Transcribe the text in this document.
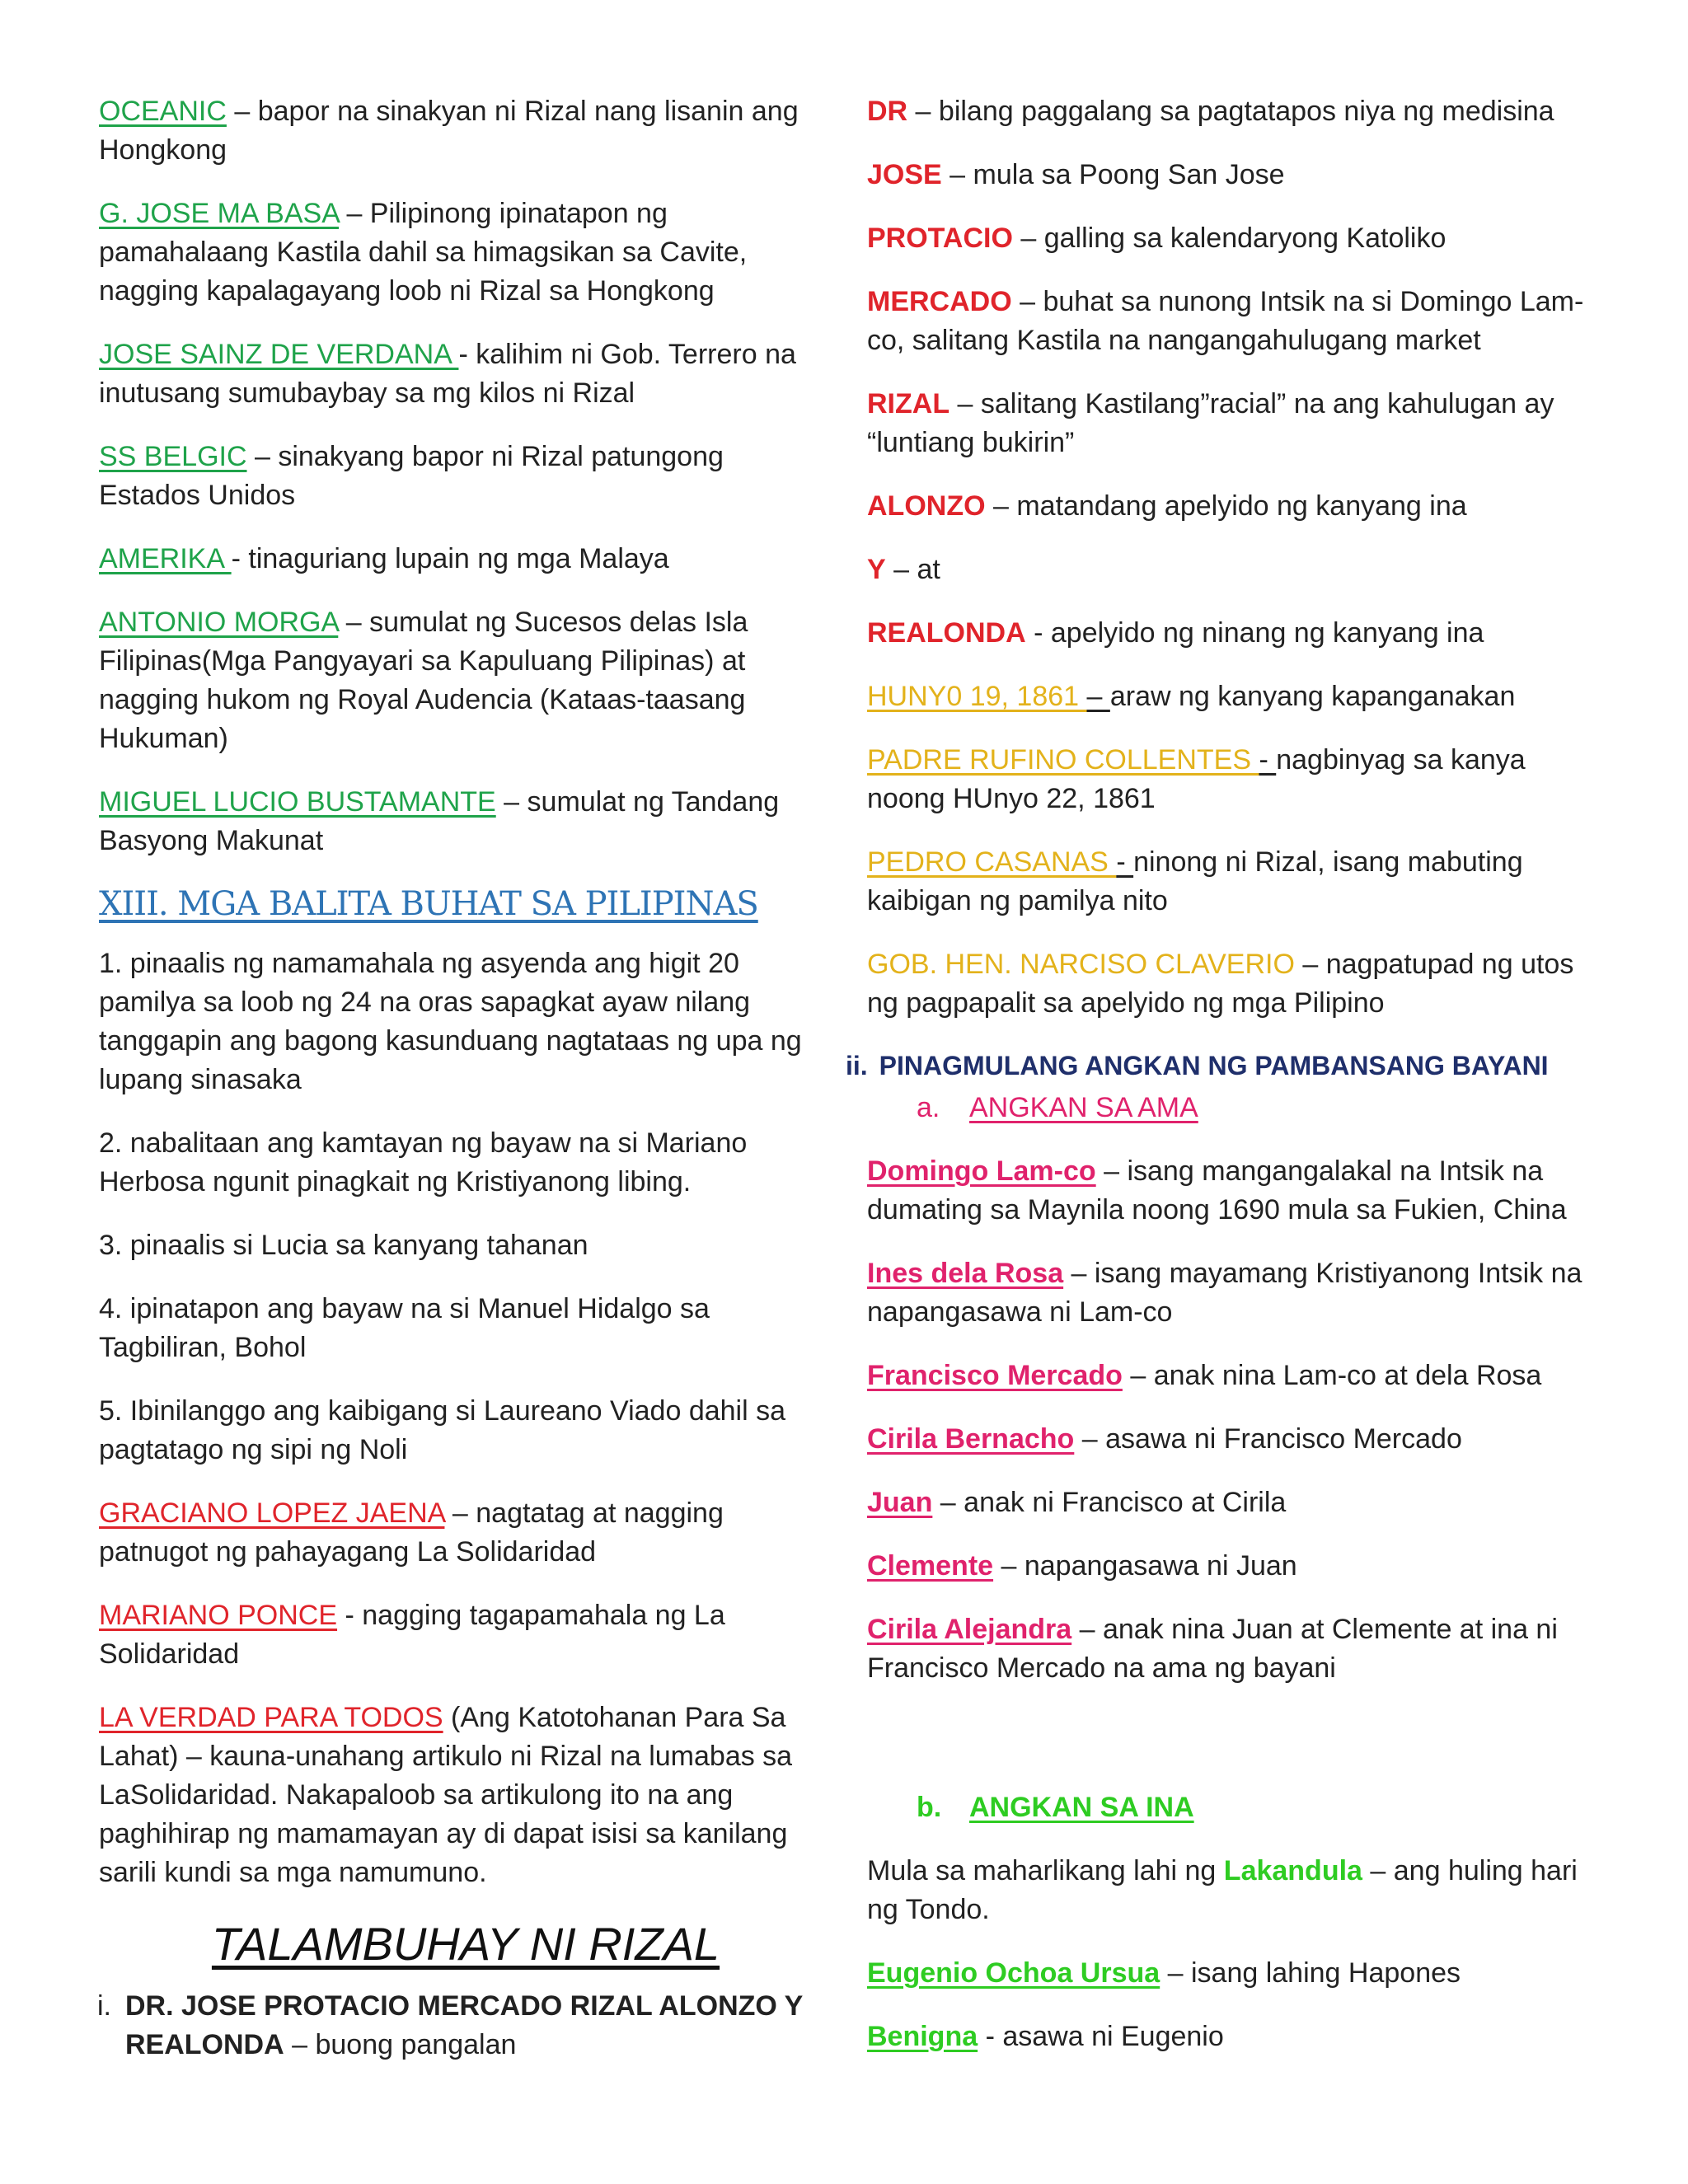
OCEANIC – bapor na sinakyan ni Rizal nang lisanin ang Hongkong

G. JOSE MA BASA – Pilipinong ipinatapon ng pamahalaang Kastila dahil sa himagsikan sa Cavite, nagging kapalagayang loob ni Rizal sa Hongkong

JOSE SAINZ DE VERDANA - kalihim ni Gob. Terrero na inutusang sumubaybay sa mg kilos ni Rizal

SS BELGIC – sinakyang bapor ni Rizal patungong Estados Unidos

AMERIKA - tinaguriang lupain ng mga Malaya

ANTONIO MORGA – sumulat ng Sucesos delas Isla Filipinas(Mga Pangyayari sa Kapuluang Pilipinas) at nagging hukom ng Royal Audencia (Kataas-taasang Hukuman)

MIGUEL LUCIO BUSTAMANTE – sumulat ng Tandang Basyong Makunat

XIII. MGA BALITA BUHAT SA PILIPINAS

1. pinaalis ng namamahala ng asyenda ang higit 20 pamilya sa loob ng 24 na oras sapagkat ayaw nilang tanggapin ang bagong kasunduang nagtataas ng upa ng lupang sinasaka

2. nabalitaan ang kamtayan ng bayaw na si Mariano Herbosa ngunit pinagkait ng Kristiyanong libing.

3. pinaalis si Lucia sa kanyang tahanan

4. ipinatapon ang bayaw na si Manuel Hidalgo sa Tagbiliran, Bohol

5. Ibinilanggo ang kaibigang si Laureano Viado dahil sa pagtatago ng sipi ng Noli

GRACIANO LOPEZ JAENA – nagtatag at nagging patnugot ng pahayagang La Solidaridad

MARIANO PONCE - nagging tagapamahala ng La Solidaridad

LA VERDAD PARA TODOS (Ang Katotohanan Para Sa Lahat) – kauna-unahang artikulo ni Rizal na lumabas sa LaSolidaridad. Nakapaloob sa artikulong ito na ang paghihirap ng mamamayan ay di dapat isisi sa kanilang sarili kundi sa mga namumuno.

TALAMBUHAY NI RIZAL

i. DR. JOSE PROTACIO MERCADO RIZAL ALONZO Y REALONDA – buong pangalan

DR – bilang paggalang sa pagtatapos niya ng medisina

JOSE – mula sa Poong San Jose

PROTACIO – galling sa kalendaryong Katoliko

MERCADO – buhat sa nunong Intsik na si Domingo Lam-co, salitang Kastila na nangangahulugang market

RIZAL – salitang Kastilang”racial” na ang kahulugan ay “luntiang bukirin”

ALONZO – matandang apelyido ng kanyang ina

Y – at

REALONDA - apelyido ng ninang ng kanyang ina

HUNY0 19, 1861 – araw ng kanyang kapanganakan

PADRE RUFINO COLLENTES - nagbinyag sa kanya noong HUnyo 22, 1861

PEDRO CASANAS - ninong ni Rizal, isang mabuting kaibigan ng pamilya nito

GOB. HEN. NARCISO CLAVERIO – nagpatupad ng utos ng pagpapalit sa apelyido ng mga Pilipino

ii. PINAGMULANG ANGKAN NG PAMBANSANG BAYANI
a. ANGKAN SA AMA

Domingo Lam-co – isang mangangalakal na Intsik na dumating sa Maynila noong 1690 mula sa Fukien, China

Ines dela Rosa – isang mayamang Kristiyanong Intsik na napangasawa ni Lam-co

Francisco Mercado – anak nina Lam-co at dela Rosa

Cirila Bernacho – asawa ni Francisco Mercado

Juan – anak ni Francisco at Cirila

Clemente – napangasawa ni Juan

Cirila Alejandra – anak nina Juan at Clemente at ina ni Francisco Mercado na ama ng bayani

b. ANGKAN SA INA

Mula sa maharlikang lahi ng Lakandula – ang huling hari ng Tondo.

Eugenio Ochoa Ursua – isang lahing Hapones

Benigna - asawa ni Eugenio
